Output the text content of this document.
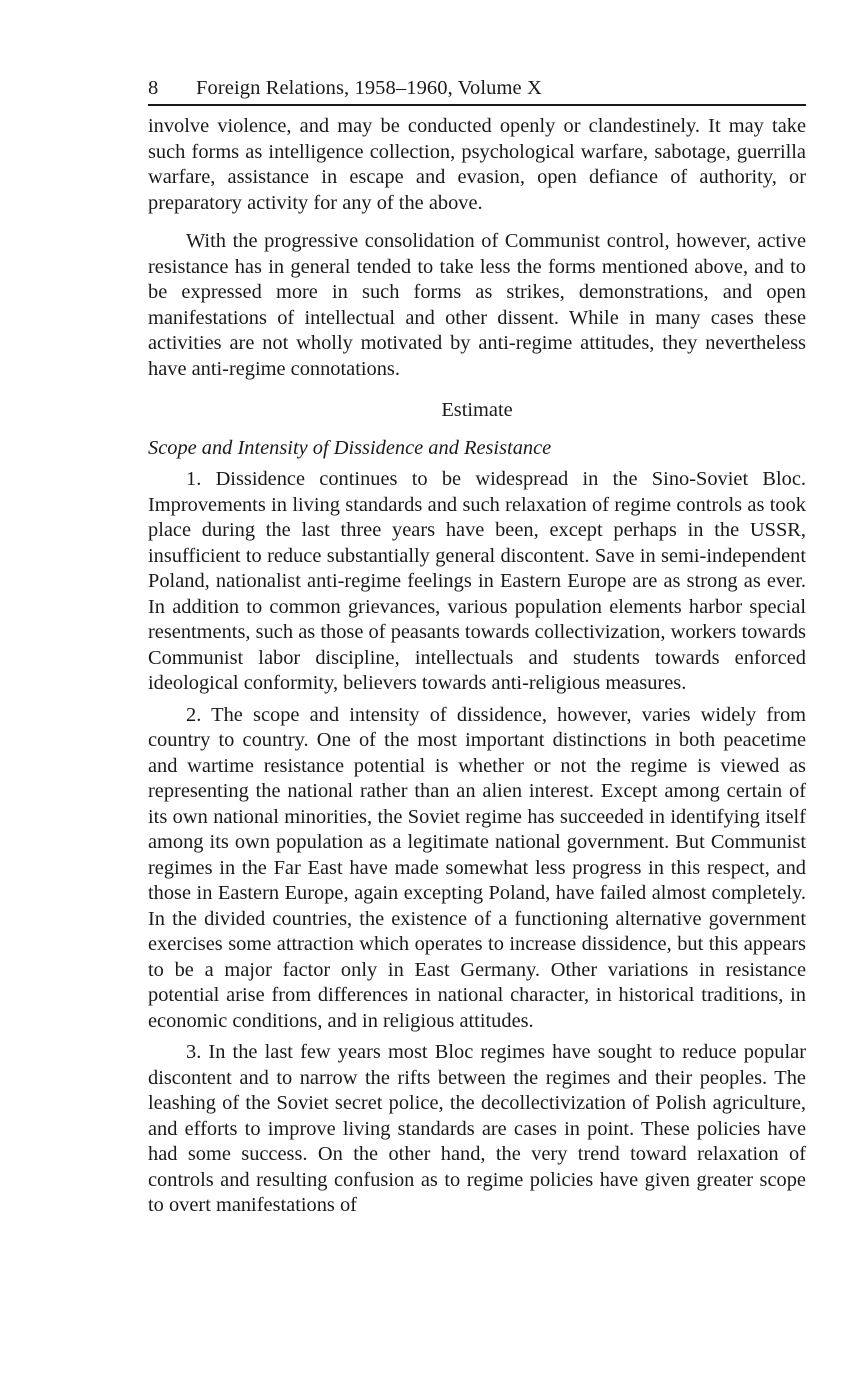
8	Foreign Relations, 1958–1960, Volume X

involve violence, and may be conducted openly or clandestinely. It may take such forms as intelligence collection, psychological warfare, sabotage, guerrilla warfare, assistance in escape and evasion, open defiance of authority, or preparatory activity for any of the above.

With the progressive consolidation of Communist control, however, active resistance has in general tended to take less the forms mentioned above, and to be expressed more in such forms as strikes, demonstrations, and open manifestations of intellectual and other dissent. While in many cases these activities are not wholly motivated by anti-regime attitudes, they nevertheless have anti-regime connotations.

Estimate

Scope and Intensity of Dissidence and Resistance

1. Dissidence continues to be widespread in the Sino-Soviet Bloc. Improvements in living standards and such relaxation of regime controls as took place during the last three years have been, except perhaps in the USSR, insufficient to reduce substantially general discontent. Save in semi-independent Poland, nationalist anti-regime feelings in Eastern Europe are as strong as ever. In addition to common grievances, various population elements harbor special resentments, such as those of peasants towards collectivization, workers towards Communist labor discipline, intellectuals and students towards enforced ideological conformity, believers towards anti-religious measures.

2. The scope and intensity of dissidence, however, varies widely from country to country. One of the most important distinctions in both peacetime and wartime resistance potential is whether or not the regime is viewed as representing the national rather than an alien interest. Except among certain of its own national minorities, the Soviet regime has succeeded in identifying itself among its own population as a legitimate national government. But Communist regimes in the Far East have made somewhat less progress in this respect, and those in Eastern Europe, again excepting Poland, have failed almost completely. In the divided countries, the existence of a functioning alternative government exercises some attraction which operates to increase dissidence, but this appears to be a major factor only in East Germany. Other variations in resistance potential arise from differences in national character, in historical traditions, in economic conditions, and in religious attitudes.

3. In the last few years most Bloc regimes have sought to reduce popular discontent and to narrow the rifts between the regimes and their peoples. The leashing of the Soviet secret police, the decollectivization of Polish agriculture, and efforts to improve living standards are cases in point. These policies have had some success. On the other hand, the very trend toward relaxation of controls and resulting confusion as to regime policies have given greater scope to overt manifestations of
